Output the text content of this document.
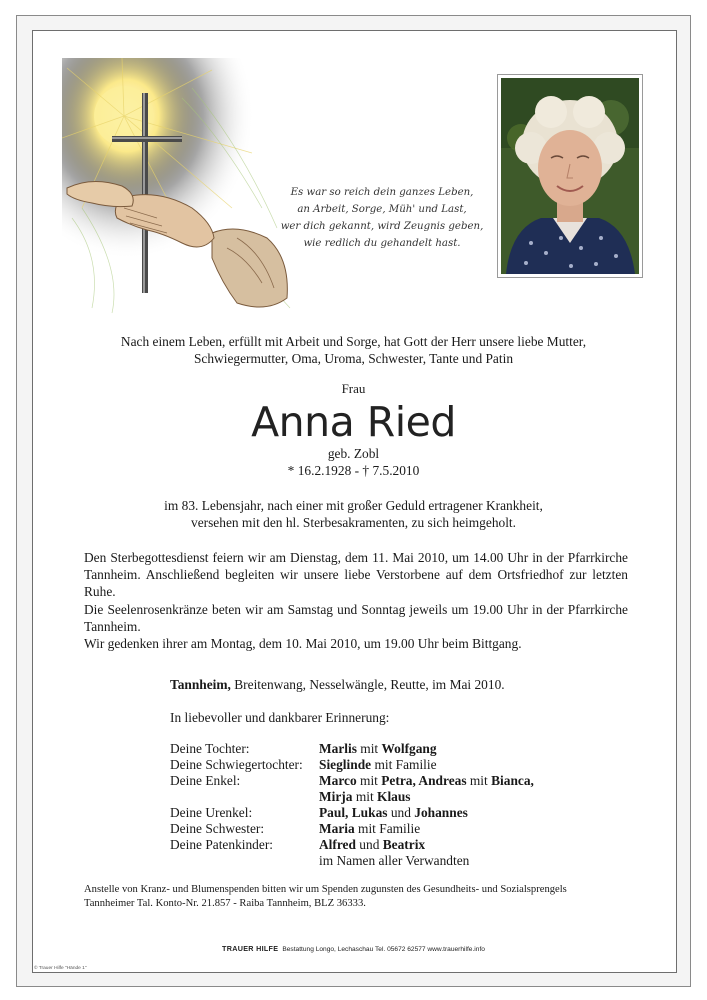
Es war so reich dein ganzes Leben,
an Arbeit, Sorge, Müh' und Last,
wer dich gekannt, wird Zeugnis geben,
wie redlich du gehandelt hast.
Nach einem Leben, erfüllt mit Arbeit und Sorge, hat Gott der Herr unsere liebe Mutter,
Schwiegermutter, Oma, Uroma, Schwester, Tante und Patin
Frau
Anna Ried
geb. Zobl
* 16.2.1928 - † 7.5.2010
im 83. Lebensjahr, nach einer mit großer Geduld ertragener Krankheit,
versehen mit den hl. Sterbesakramenten, zu sich heimgeholt.

Den Sterbegottesdienst feiern wir am Dienstag, dem 11. Mai 2010, um 14.00 Uhr in der Pfarrkirche Tannheim. Anschließend begleiten wir unsere liebe Verstorbene auf dem Ortsfriedhof zur letzten Ruhe.

Die Seelenrosenkränze beten wir am Samstag und Sonntag jeweils um 19.00 Uhr in der Pfarrkirche Tannheim.

Wir gedenken ihrer am Montag, dem 10. Mai 2010, um 19.00 Uhr beim Bittgang.

Tannheim, Breitenwang, Nesselwängle, Reutte, im Mai 2010.
In liebevoller und dankbarer Erinnerung:
Deine Tochter:	Marlis mit Wolfgang
Deine Schwiegertochter: Sieglinde mit Familie
Deine Enkel:	Marco mit Petra, Andreas mit Bianca,
Mirja mit Klaus
Deine Urenkel:	Paul, Lukas und Johannes
Deine Schwester:	Maria mit Familie
Deine Patenkinder:	Alfred und Beatrix
im Namen aller Verwandten
Anstelle von Kranz- und Blumenspenden bitten wir um Spenden zugunsten des Gesundheits- und Sozialsprengels
Tannheimer Tal. Konto-Nr. 21.857 - Raiba Tannheim, BLZ 36333.
TRAUER HILFE Bestattung Longo, Lechaschau Tel. 05672 62577 www.trauerhilfe.info
© Trauer Hilfe "Hände 1"
